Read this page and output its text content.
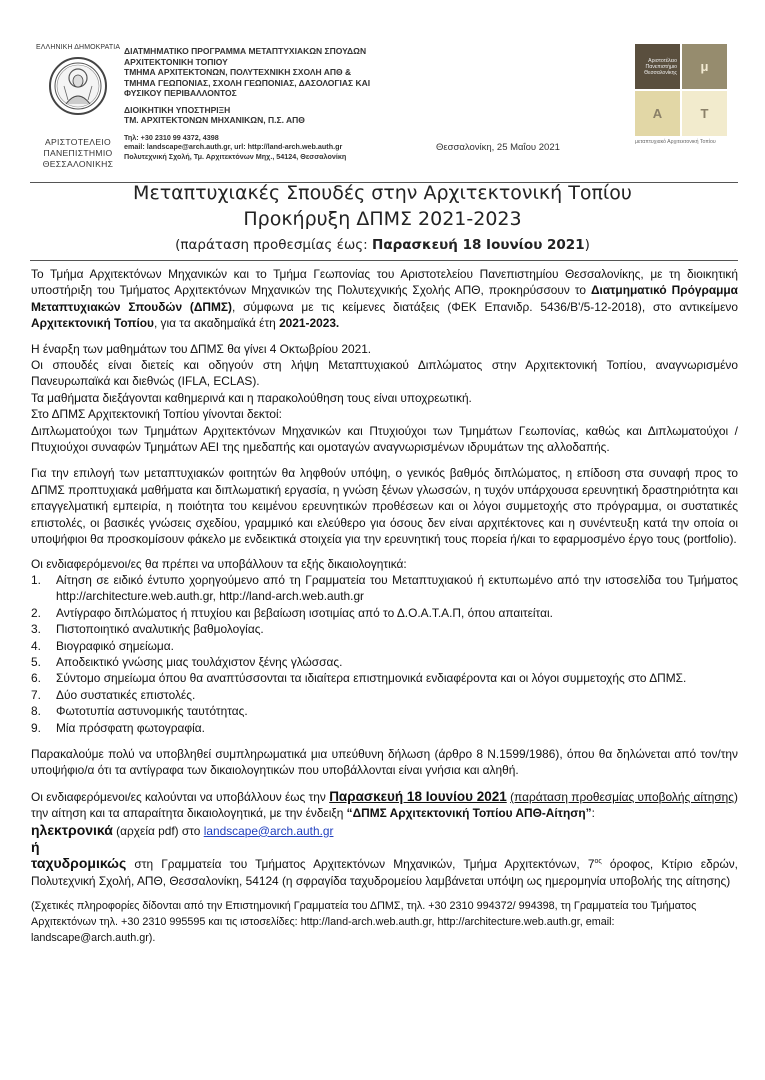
ΕΛΛΗΝΙΚΗ ΔΗΜΟΚΡΑΤΙΑ
ΑΡΙΣΤΟΤΕΛΕΙΟ
ΠΑΝΕΠΙΣΤΗΜΙΟ
ΘΕΣΣΑΛΟΝΙΚΗΣ
ΔΙΑΤΜΗΜΑΤΙΚΟ ΠΡΟΓΡΑΜΜΑ ΜΕΤΑΠΤΥΧΙΑΚΩΝ ΣΠΟΥΔΩΝ
ΑΡΧΙΤΕΚΤΟΝΙΚΗ ΤΟΠΙΟΥ
ΤΜΗΜΑ ΑΡΧΙΤΕΚΤΟΝΩΝ, ΠΟΛΥΤΕΧΝΙΚΗ ΣΧΟΛΗ ΑΠΘ &
ΤΜΗΜΑ ΓΕΩΠΟΝΙΑΣ, ΣΧΟΛΗ ΓΕΩΠΟΝΙΑΣ, ΔΑΣΟΛΟΓΙΑΣ ΚΑΙ
ΦΥΣΙΚΟΥ ΠΕΡΙΒΑΛΛΟΝΤΟΣ
ΔΙΟΙΚΗΤΙΚΗ ΥΠΟΣΤΗΡΙΞΗ
ΤΜ. ΑΡΧΙΤΕΚΤΟΝΩΝ ΜΗΧΑΝΙΚΩΝ, Π.Σ. ΑΠΘ
Τηλ: +30 2310 99 4372, 4398
email: landscape@arch.auth.gr, url: http://land-arch.web.auth.gr
Πολυτεχνική Σχολή, Τμ. Αρχιτεκτόνων Μηχ., 54124, Θεσσαλονίκη
Θεσσαλονίκη, 25 Μαΐου 2021
Αριστοτέλειο
Πανεπιστήμιο
Θεσσαλονίκης	μ
Α	Τ
μεταπτυχιακό Αρχιτεκτονική Τοπίου
Μεταπτυχιακές Σπουδές στην Αρχιτεκτονική Τοπίου
Προκήρυξη ΔΠΜΣ 2021-2023
(παράταση προθεσμίας έως: Παρασκευή 18 Ιουνίου 2021)

Το Τμήμα Αρχιτεκτόνων Μηχανικών και το Τμήμα Γεωπονίας του Αριστοτελείου Πανεπιστημίου Θεσσαλονίκης, με τη διοικητική υποστήριξη του Τμήματος Αρχιτεκτόνων Μηχανικών της Πολυτεχνικής Σχολής ΑΠΘ, προκηρύσσουν το Διατμηματικό Πρόγραμμα Μεταπτυχιακών Σπουδών (ΔΠΜΣ), σύμφωνα με τις κείμενες διατάξεις (ΦΕΚ Επανιδρ. 5436/Β'/5-12-2018), στο αντικείμενο Αρχιτεκτονική Τοπίου, για τα ακαδημαϊκά έτη 2021-2023.

Η έναρξη των μαθημάτων του ΔΠΜΣ θα γίνει 4 Οκτωβρίου 2021.

Οι σπουδές είναι διετείς και οδηγούν στη λήψη Μεταπτυχιακού Διπλώματος στην Αρχιτεκτονική Τοπίου, αναγνωρισμένο Πανευρωπαϊκά και διεθνώς (IFLA, ECLAS).

Τα μαθήματα διεξάγονται καθημερινά και η παρακολούθηση τους είναι υποχρεωτική.

Στο ΔΠΜΣ Αρχιτεκτονική Τοπίου γίνονται δεκτοί:

Διπλωματούχοι των Τμημάτων Αρχιτεκτόνων Μηχανικών και Πτυχιούχοι των Τμημάτων Γεωπονίας, καθώς και Διπλωματούχοι / Πτυχιούχοι συναφών Τμημάτων ΑΕΙ της ημεδαπής και ομοταγών αναγνωρισμένων ιδρυμάτων της αλλοδαπής.

Για την επιλογή των μεταπτυχιακών φοιτητών θα ληφθούν υπόψη, ο γενικός βαθμός διπλώματος, η επίδοση στα συναφή προς το ΔΠΜΣ προπτυχιακά μαθήματα και διπλωματική εργασία, η γνώση ξένων γλωσσών, η τυχόν υπάρχουσα ερευνητική δραστηριότητα και επαγγελματική εμπειρία, η ποιότητα του κειμένου ερευνητικών προθέσεων και οι λόγοι συμμετοχής στο πρόγραμμα, οι συστατικές επιστολές, οι βασικές γνώσεις σχεδίου, γραμμικό και ελεύθερο για όσους δεν είναι αρχιτέκτονες και η συνέντευξη κατά την οποία οι υποψήφιοι θα προσκομίσουν φάκελο με ενδεικτικά στοιχεία για την ερευνητική τους πορεία ή/και το εφαρμοσμένο έργο τους (portfolio).

Οι ενδιαφερόμενοι/ες θα πρέπει να υποβάλλουν τα εξής δικαιολογητικά:

1. Αίτηση σε ειδικό έντυπο χορηγούμενο από τη Γραμματεία του Μεταπτυχιακού ή εκτυπωμένο από την ιστοσελίδα του Τμήματος http://architecture.web.auth.gr, http://land-arch.web.auth.gr
2. Αντίγραφο διπλώματος ή πτυχίου και βεβαίωση ισοτιμίας από το Δ.Ο.Α.Τ.Α.Π, όπου απαιτείται.
3. Πιστοποιητικό αναλυτικής βαθμολογίας.
4. Βιογραφικό σημείωμα.
5. Αποδεικτικό γνώσης μιας τουλάχιστον ξένης γλώσσας.
6. Σύντομο σημείωμα όπου θα αναπτύσσονται τα ιδιαίτερα επιστημονικά ενδιαφέροντα και οι λόγοι συμμετοχής στο ΔΠΜΣ.
7. Δύο συστατικές επιστολές.
8. Φωτοτυπία αστυνομικής ταυτότητας.
9. Μία πρόσφατη φωτογραφία.

Παρακαλούμε πολύ να υποβληθεί συμπληρωματικά μια υπεύθυνη δήλωση (άρθρο 8 Ν.1599/1986), όπου θα δηλώνεται από τον/την υποψήφιο/α ότι τα αντίγραφα των δικαιολογητικών που υποβάλλονται είναι γνήσια και αληθή.

Οι ενδιαφερόμενοι/ες καλούνται να υποβάλλουν έως την Παρασκευή 18 Ιουνίου 2021 (παράταση προθεσμίας υποβολής αίτησης) την αίτηση και τα απαραίτητα δικαιολογητικά, με την ένδειξη “ΔΠΜΣ Αρχιτεκτονική Τοπίου ΑΠΘ-Αίτηση”:

ηλεκτρονικά (αρχεία pdf) στο landscape@arch.auth.gr

ή

ταχυδρομικώς στη Γραμματεία του Τμήματος Αρχιτεκτόνων Μηχανικών, Τμήμα Αρχιτεκτόνων, $7^{o\varsigma}$ όροφος, Κτίριο εδρών, Πολυτεχνική Σχολή, ΑΠΘ, Θεσσαλονίκη, 54124 (η σφραγίδα ταχυδρομείου λαμβάνεται υπόψη ως ημερομηνία υποβολής της αίτησης)

(Σχετικές πληροφορίες δίδονται από την Επιστημονική Γραμματεία του ΔΠΜΣ, τηλ. +30 2310 994372/ 994398, τη Γραμματεία του Τμήματος Αρχιτεκτόνων τηλ. +30 2310 995595 και τις ιστοσελίδες: http://land-arch.web.auth.gr, http://architecture.web.auth.gr, email: landscape@arch.auth.gr).
